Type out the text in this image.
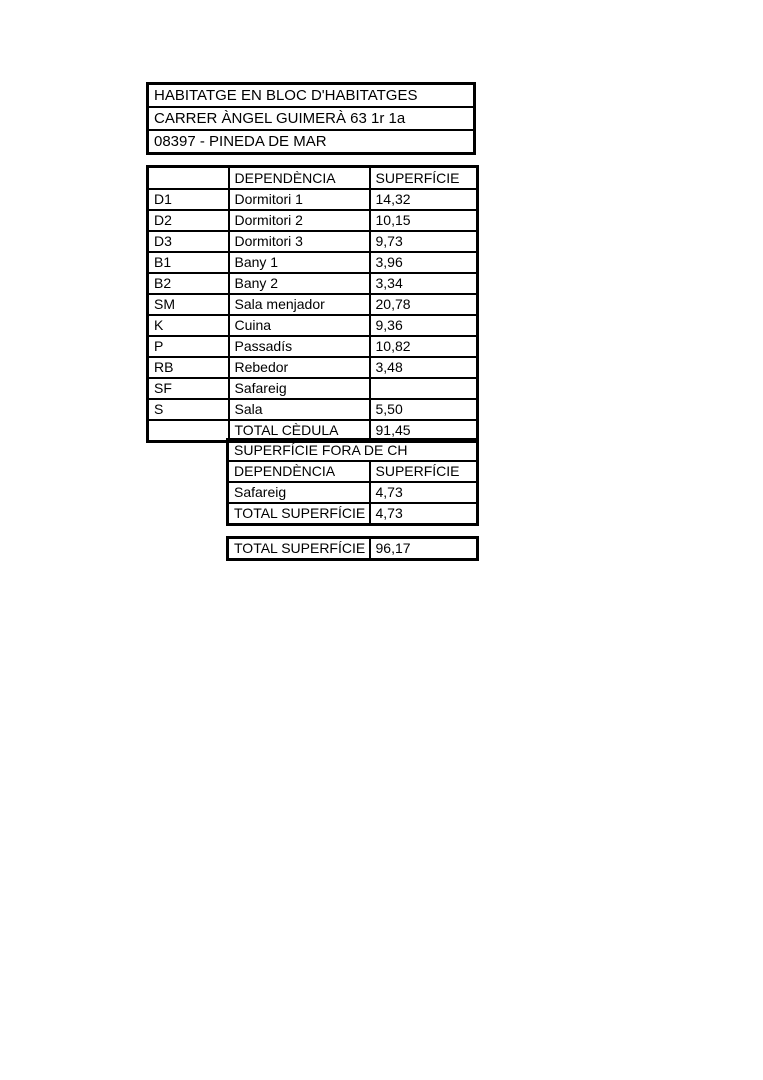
HABITATGE EN BLOC D'HABITATGES
CARRER ÀNGEL GUIMERÀ 63 1r 1a
08397 - PINEDA DE MAR
	DEPENDÈNCIA	SUPERFÍCIE
D1	Dormitori 1	14,32
D2	Dormitori 2	10,15
D3	Dormitori 3	9,73
B1	Bany 1	3,96
B2	Bany 2	3,34
SM	Sala menjador	20,78
K	Cuina	9,36
P	Passadís	10,82
RB	Rebedor	3,48
SF	Safareig	
S	Sala	5,50
	TOTAL CÈDULA	91,45
SUPERFÍCIE FORA DE CH	
DEPENDÈNCIA	SUPERFÍCIE
Safareig	4,73
TOTAL SUPERFÍCIE	4,73
TOTAL SUPERFÍCIE	96,17
